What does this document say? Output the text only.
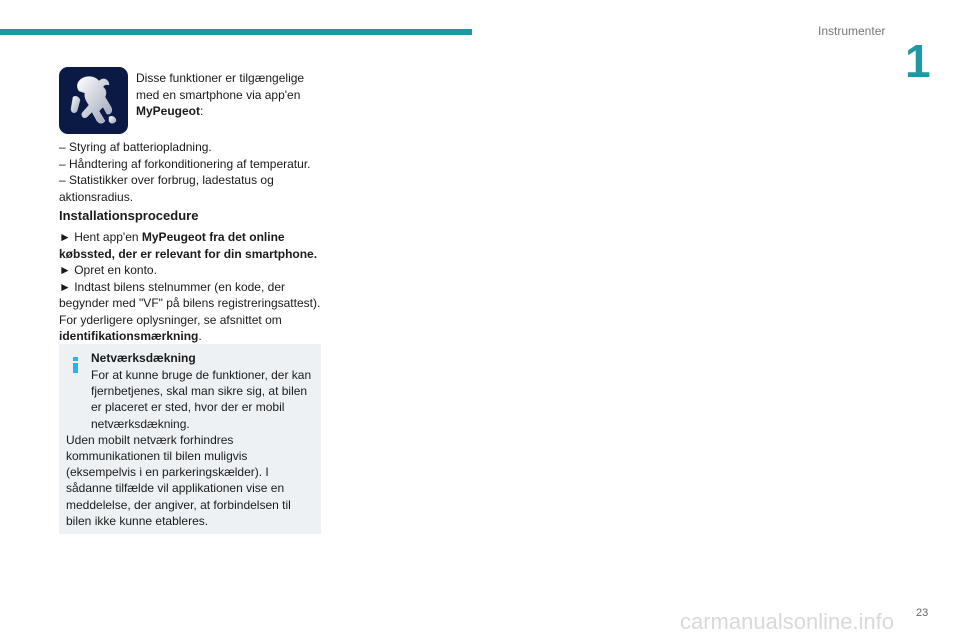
Instrumenter
1
Disse funktioner er tilgængelige med en smartphone via app'en MyPeugeot:
– Styring af batteriopladning.
– Håndtering af forkonditionering af temperatur.
– Statistikker over forbrug, ladestatus og aktionsradius.
Installationsprocedure

► Hent app'en MyPeugeot fra det online købssted, der er relevant for din smartphone.

► Opret en konto.

► Indtast bilens stelnummer (en kode, der begynder med "VF" på bilens registreringsattest).

For yderligere oplysninger, se afsnittet om identifikationsmærkning.

Netværksdækning

For at kunne bruge de funktioner, der kan fjernbetjenes, skal man sikre sig, at bilen er placeret er sted, hvor der er mobil netværksdækning.

Uden mobilt netværk forhindres kommunikationen til bilen muligvis (eksempelvis i en parkeringskælder). I sådanne tilfælde vil applikationen vise en meddelelse, der angiver, at forbindelsen til bilen ikke kunne etableres.

carmanualsonline.info 23
